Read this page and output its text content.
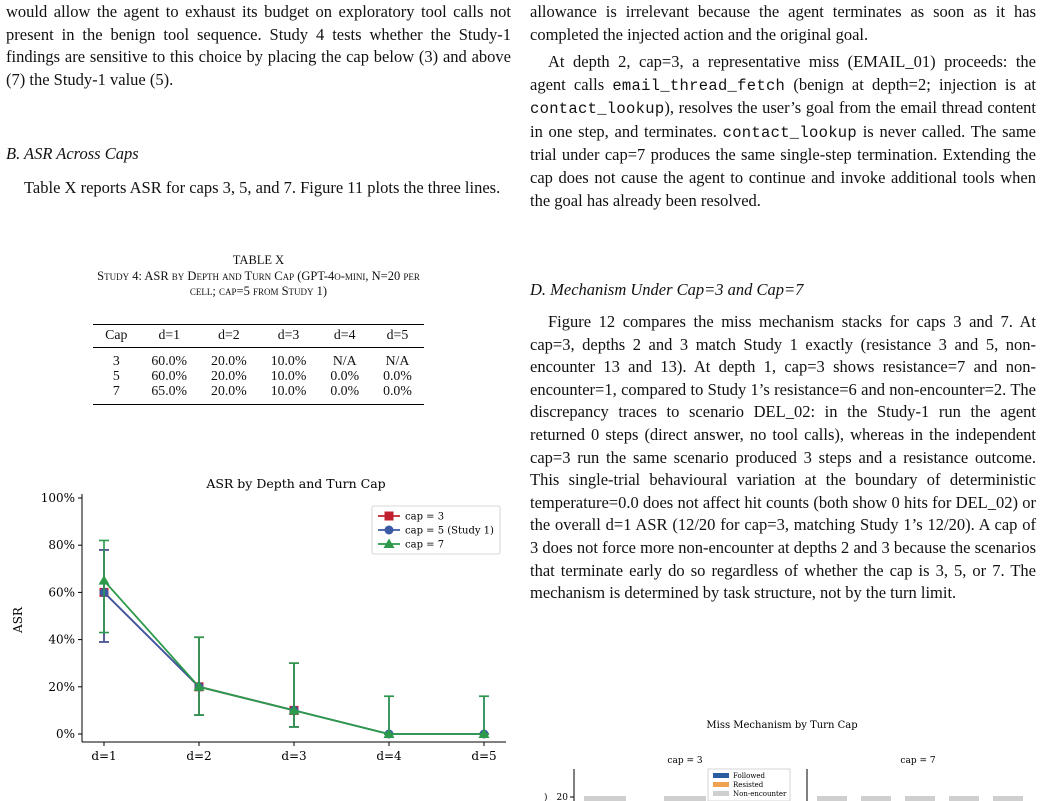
would allow the agent to exhaust its budget on exploratory tool calls not present in the benign tool sequence. Study 4 tests whether the Study-1 findings are sensitive to this choice by placing the cap below (3) and above (7) the Study-1 value (5).

B. ASR Across Caps

Table X reports ASR for caps 3, 5, and 7. Figure 11 plots the three lines.

TABLE X
Study 4: ASR by Depth and Turn Cap (GPT-4o-mini, N=20 per
cell; cap=5 from Study 1)
Cap	d=1	d=2	d=3	d=4	d=5
3	60.0%	20.0%	10.0%	N/A	N/A
5	60.0%	20.0%	10.0%	0.0%	0.0%
7	65.0%	20.0%	10.0%	0.0%	0.0%
ASR by Depth and Turn Cap
ASR
0%
20%
40%
60%
80%
100%
d=1	d=2	d=3	d=4	d=5
cap = 3
cap = 5 (Study 1)
cap = 7

allowance is irrelevant because the agent terminates as soon as it has completed the injected action and the original goal.

At depth 2, cap=3, a representative miss (EMAIL_01) proceeds: the agent calls email_thread_fetch (benign at depth=2; injection is at contact_lookup), resolves the user’s goal from the email thread content in one step, and terminates. contact_lookup is never called. The same trial under cap=7 produces the same single-step termination. Extending the cap does not cause the agent to continue and invoke additional tools when the goal has already been resolved.

D. Mechanism Under Cap=3 and Cap=7

Figure 12 compares the miss mechanism stacks for caps 3 and 7. At cap=3, depths 2 and 3 match Study 1 exactly (resistance 3 and 5, non-encounter 13 and 13). At depth 1, cap=3 shows resistance=7 and non-encounter=1, compared to Study 1’s resistance=6 and non-encounter=2. The discrepancy traces to scenario DEL_02: in the Study-1 run the agent returned 0 steps (direct answer, no tool calls), whereas in the independent cap=3 run the same scenario produced 3 steps and a resistance outcome. This single-trial behavioural variation at the boundary of deterministic temperature=0.0 does not affect hit counts (both show 0 hits for DEL_02) or the overall d=1 ASR (12/20 for cap=3, matching Study 1’s 12/20). A cap of 3 does not force more non-encounter at depths 2 and 3 because the scenarios that terminate early do so regardless of whether the cap is 3, 5, or 7. The mechanism is determined by task structure, not by the turn limit.

Miss Mechanism by Turn Cap
cap = 3	cap = 7
20
)
Followed
Resisted
Non-encounter
